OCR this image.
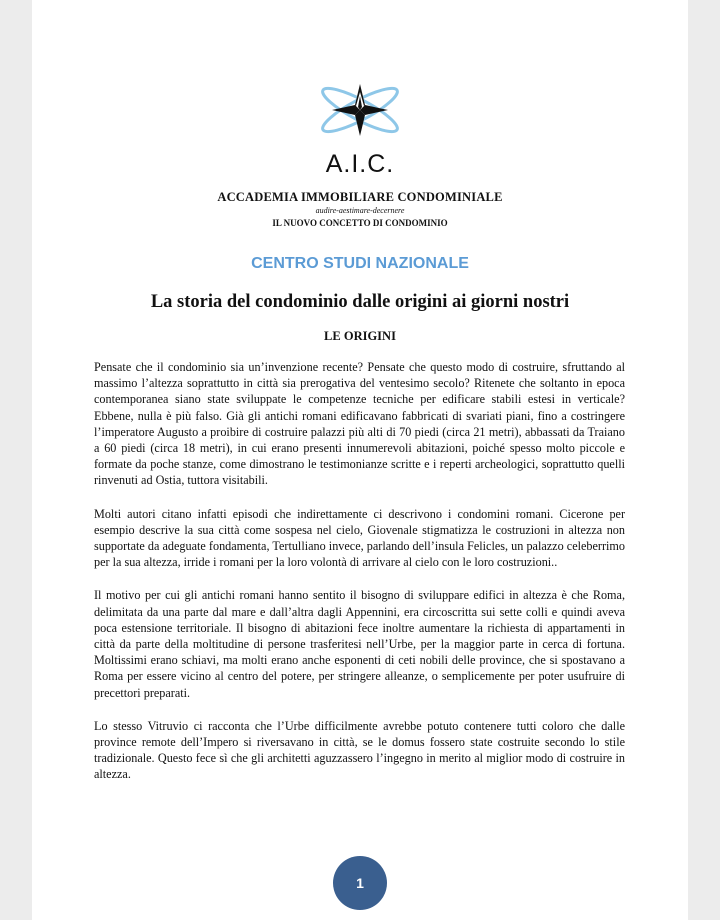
A.I.C.
ACCADEMIA IMMOBILIARE CONDOMINIALE
audire-aestimare-decernere
IL NUOVO CONCETTO DI CONDOMINIO
CENTRO STUDI NAZIONALE
La storia del condominio dalle origini ai giorni nostri
LE ORIGINI

Pensate che il condominio sia un’invenzione recente? Pensate che questo modo di costruire, sfruttando al massimo l’altezza soprattutto in città sia prerogativa del ventesimo secolo? Ritenete che soltanto in epoca contemporanea siano state sviluppate le competenze tecniche per edificare stabili estesi in verticale? Ebbene, nulla è più falso. Già gli antichi romani edificavano fabbricati di svariati piani, fino a costringere l’imperatore Augusto a proibire di costruire palazzi più alti di 70 piedi (circa 21 metri), abbassati da Traiano a 60 piedi (circa 18 metri), in cui erano presenti innumerevoli abitazioni, poiché spesso molto piccole e formate da poche stanze, come dimostrano le testimonianze scritte e i reperti archeologici, soprattutto quelli rinvenuti ad Ostia, tuttora visitabili.

Molti autori citano infatti episodi che indirettamente ci descrivono i condomini romani. Cicerone per esempio descrive la sua città come sospesa nel cielo, Giovenale stigmatizza le costruzioni in altezza non supportate da adeguate fondamenta, Tertulliano invece, parlando dell’insula Felicles, un palazzo celeberrimo per la sua altezza, irride i romani per la loro volontà di arrivare al cielo con le loro costruzioni..

Il motivo per cui gli antichi romani hanno sentito il bisogno di sviluppare edifici in altezza è che Roma, delimitata da una parte dal mare e dall’altra dagli Appennini, era circoscritta sui sette colli e quindi aveva poca estensione territoriale. Il bisogno di abitazioni fece inoltre aumentare la richiesta di appartamenti in città da parte della moltitudine di persone trasferitesi nell’Urbe, per la maggior parte in cerca di fortuna. Moltissimi erano schiavi, ma molti erano anche esponenti di ceti nobili delle province, che si spostavano a Roma per essere vicino al centro del potere, per stringere alleanze, o semplicemente per poter usufruire di precettori preparati.

Lo stesso Vitruvio ci racconta che l’Urbe difficilmente avrebbe potuto contenere tutti coloro che dalle province remote dell’Impero si riversavano in città, se le domus fossero state costruite secondo lo stile tradizionale. Questo fece sì che gli architetti aguzzassero l’ingegno in merito al miglior modo di costruire in altezza.

1
